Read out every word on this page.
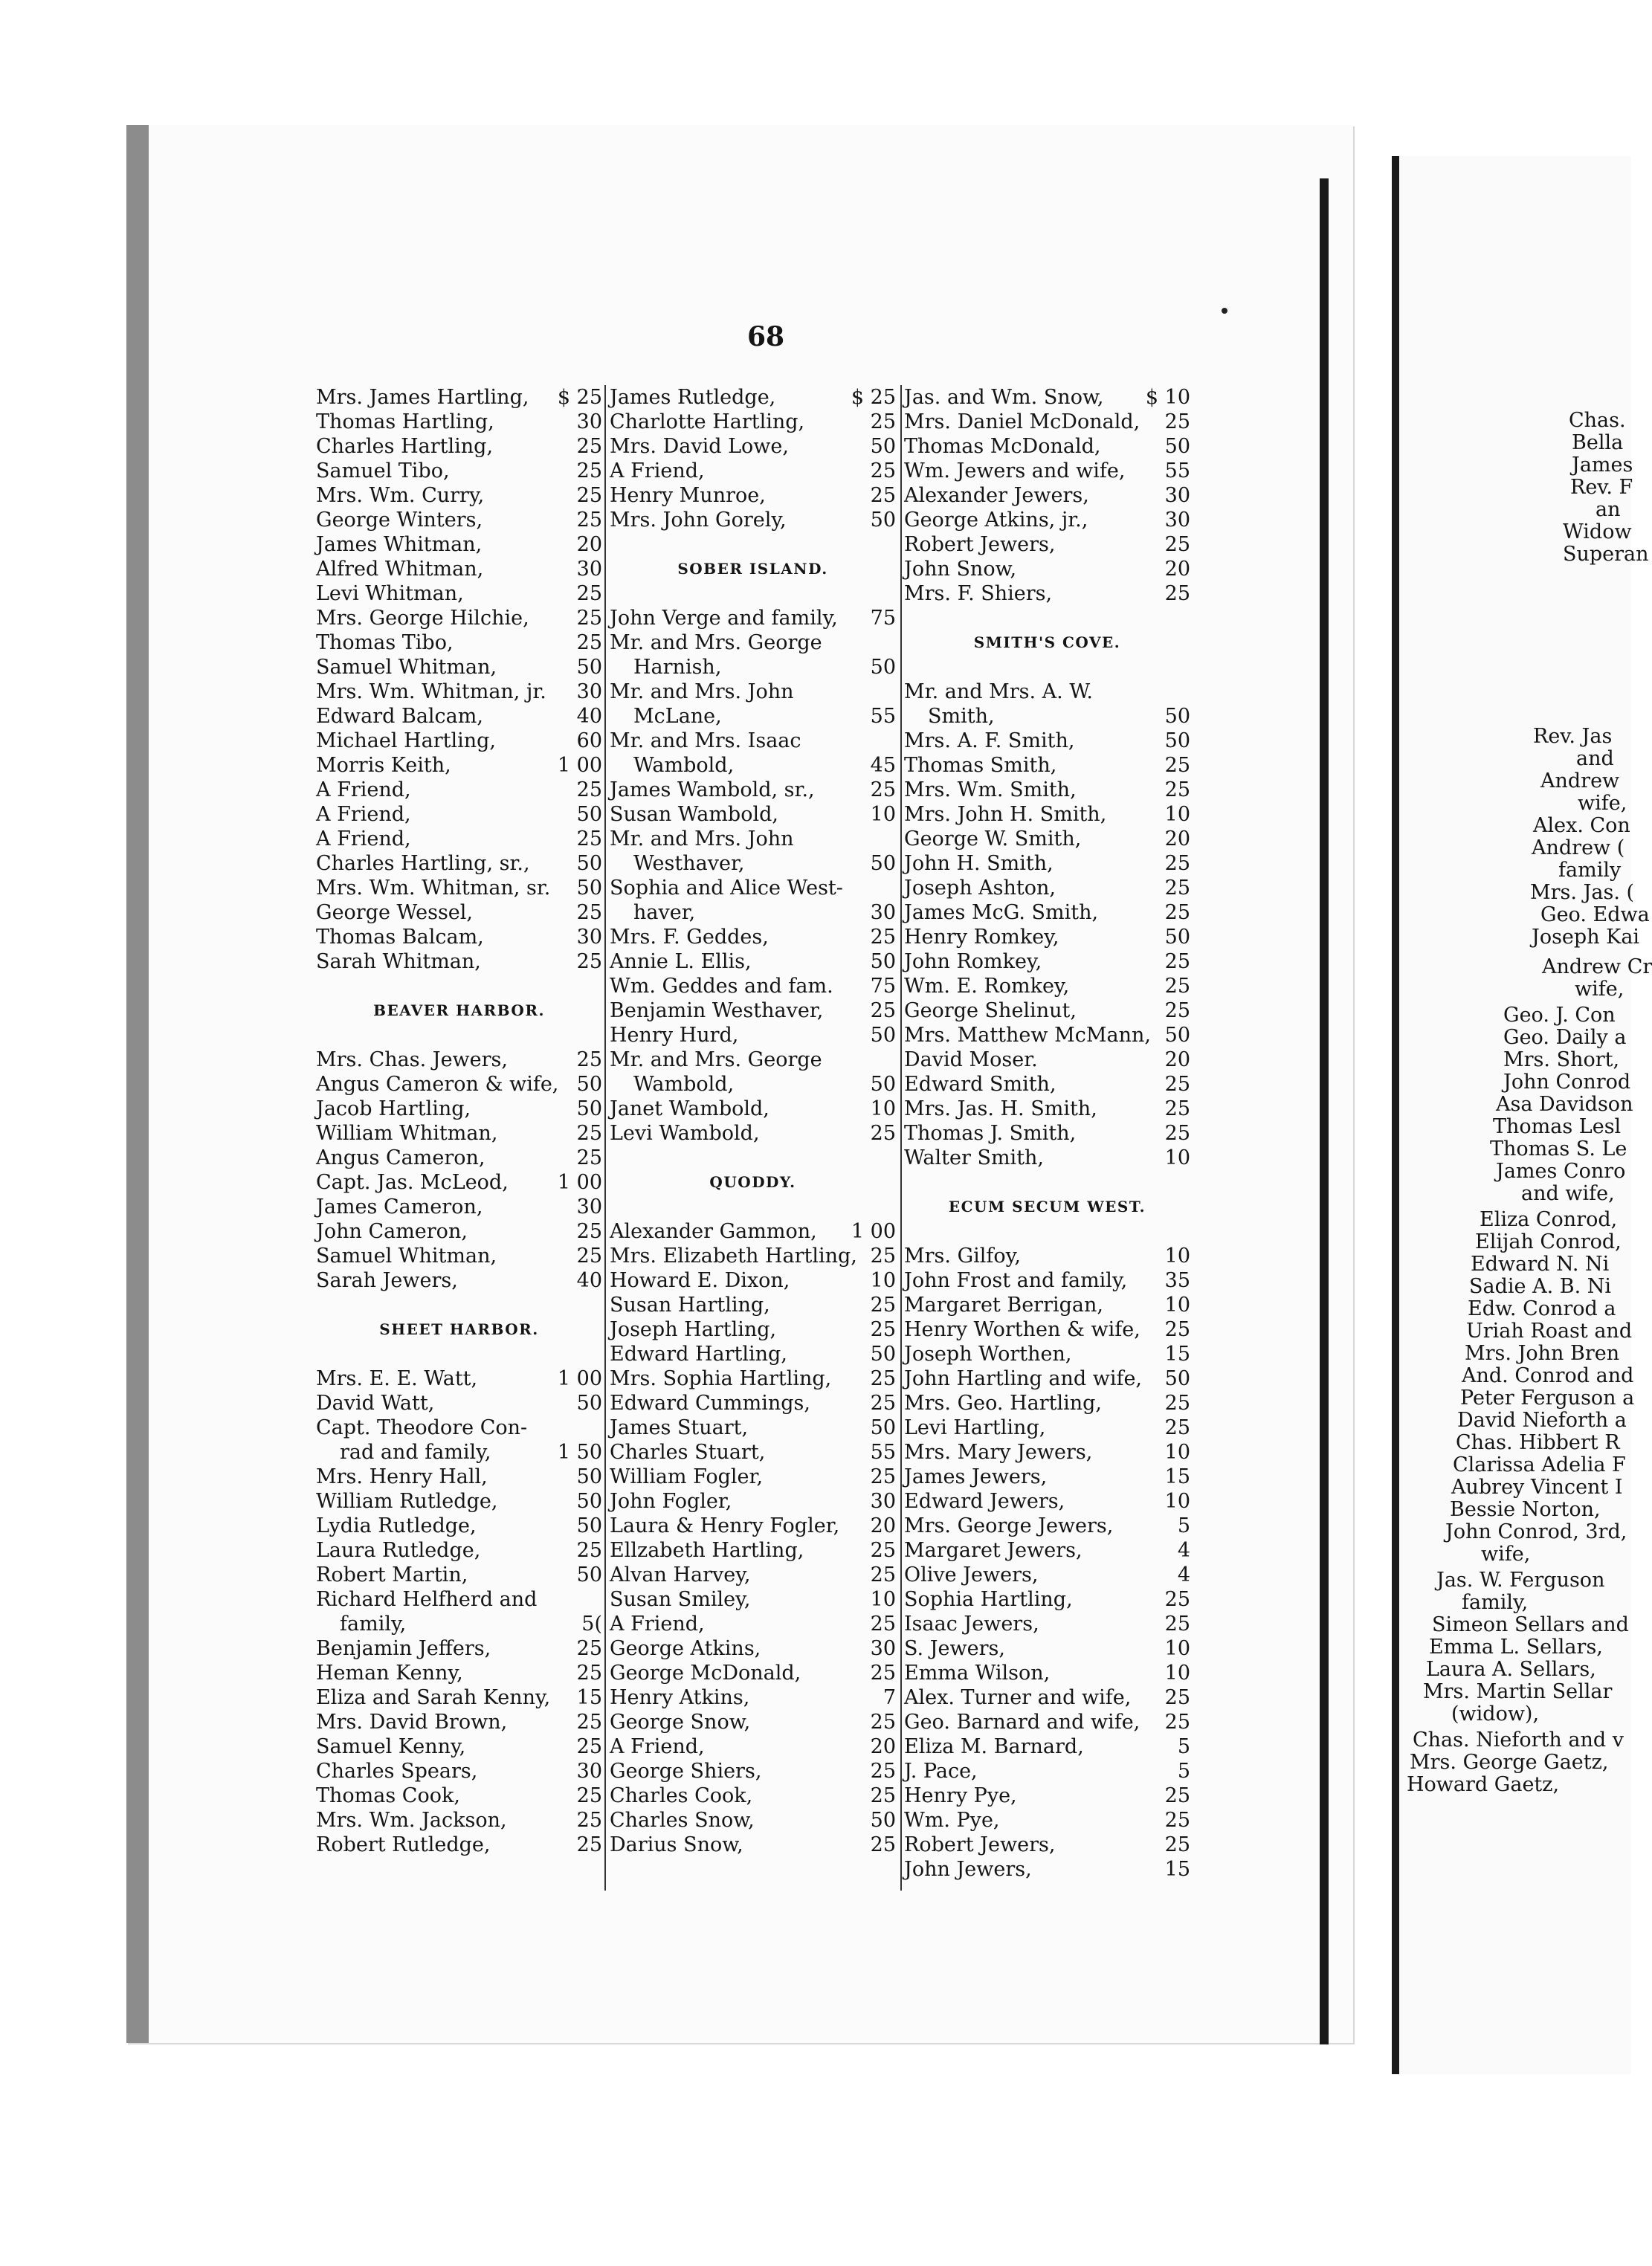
68
Mrs. James Hartling, $ 25
Thomas Hartling,	30
Charles Hartling,	25
Samuel Tibo,	25
Mrs. Wm. Curry,	25
George Winters,	25
James Whitman,	20
Alfred Whitman,	30
Levi Whitman,	25
Mrs. George Hilchie, 25
Thomas Tibo,	25
Samuel Whitman,	50
Mrs. Wm. Whitman, jr. 30
Edward Balcam,	40
Michael Hartling,	60
Morris Keith,	1 00
A Friend,	25
A Friend,	50
A Friend,	25
Charles Hartling, sr., 50
Mrs. Wm. Whitman, sr. 50
George Wessel,	25
Thomas Balcam,	30
Sarah Whitman,	25
BEAVER HARBOR.
Mrs. Chas. Jewers,	25
Angus Cameron & wife, 50
Jacob Hartling,	50
William Whitman,	25
Angus Cameron,	25
Capt. Jas. McLeod, 1 00
James Cameron,	30
John Cameron,	25
Samuel Whitman,	25
Sarah Jewers,	40
SHEET HARBOR.
Mrs. E. E. Watt,	1 00
David Watt,	50
Capt. Theodore Con-
rad and family,	1 50
Mrs. Henry Hall,	50
William Rutledge,	50
Lydia Rutledge,	50
Laura Rutledge,	25
Robert Martin,	50
Richard Helfherd and
family,	5(
Benjamin Jeffers,	25
Heman Kenny,	25
Eliza and Sarah Kenny, 15
Mrs. David Brown,	25
Samuel Kenny,	25
Charles Spears,	30
Thomas Cook,	25
Mrs. Wm. Jackson,	25
Robert Rutledge,	25
James Rutledge,	$ 25
Charlotte Hartling,	25
Mrs. David Lowe,	50
A Friend,	25
Henry Munroe,	25
Mrs. John Gorely,	50
SOBER ISLAND.
John Verge and family, 75
Mr. and Mrs. George
Harnish,	50
Mr. and Mrs. John
McLane,	55
Mr. and Mrs. Isaac
Wambold,	45
James Wambold, sr.,	25
Susan Wambold,	10
Mr. and Mrs. John
Westhaver,	50
Sophia and Alice West-
haver,	30
Mrs. F. Geddes,	25
Annie L. Ellis,	50
Wm. Geddes and fam. 75
Benjamin Westhaver, 25
Henry Hurd,	50
Mr. and Mrs. George
Wambold,	50
Janet Wambold,	10
Levi Wambold,	25
QUODDY.
Alexander Gammon, 1 00
Mrs. Elizabeth Hartling, 25
Howard E. Dixon,	10
Susan Hartling,	25
Joseph Hartling,	25
Edward Hartling,	50
Mrs. Sophia Hartling, 25
Edward Cummings,	25
James Stuart,	50
Charles Stuart,	55
William Fogler,	25
John Fogler,	30
Laura & Henry Fogler, 20
Ellzabeth Hartling,	25
Alvan Harvey,	25
Susan Smiley,	10
A Friend,	25
George Atkins,	30
George McDonald,	25
Henry Atkins,	7
George Snow,	25
A Friend,	20
George Shiers,	25
Charles Cook,	25
Charles Snow,	50
Darius Snow,	25
Jas. and Wm. Snow, $ 10
Mrs. Daniel McDonald, 25
Thomas McDonald,	50
Wm. Jewers and wife, 55
Alexander Jewers,	30
George Atkins, jr.,	30
Robert Jewers,	25
John Snow,	20
Mrs. F. Shiers,	25
SMITH'S COVE.
Mr. and Mrs. A. W.
Smith,	50
Mrs. A. F. Smith,	50
Thomas Smith,	25
Mrs. Wm. Smith,	25
Mrs. John H. Smith,	10
George W. Smith,	20
John H. Smith,	25
Joseph Ashton,	25
James McG. Smith,	25
Henry Romkey,	50
John Romkey,	25
Wm. E. Romkey,	25
George Shelinut,	25
Mrs. Matthew McMann, 50
David Moser.	20
Edward Smith,	25
Mrs. Jas. H. Smith,	25
Thomas J. Smith,	25
Walter Smith,	10
ECUM SECUM WEST.
Mrs. Gilfoy,	10
John Frost and family, 35
Margaret Berrigan,	10
Henry Worthen & wife, 25
Joseph Worthen,	15
John Hartling and wife, 50
Mrs. Geo. Hartling,	25
Levi Hartling,	25
Mrs. Mary Jewers,	10
James Jewers,	15
Edward Jewers,	10
Mrs. George Jewers,	5
Margaret Jewers,	4
Olive Jewers,	4
Sophia Hartling,	25
Isaac Jewers,	25
S. Jewers,	10
Emma Wilson,	10
Alex. Turner and wife, 25
Geo. Barnard and wife, 25
Eliza M. Barnard,	5
J. Pace,	5
Henry Pye,	25
Wm. Pye,	25
Robert Jewers,	25
John Jewers,	15
Chas.
Bella
James
Rev. F
an
Widow
Superan
Rev. Jas
and
Andrew
wife,
Alex. Con
Andrew (
family
Mrs. Jas. (
Geo. Edwa
Joseph Kai
Andrew Cr
wife,
Geo. J. Con
Geo. Daily a
Mrs. Short,
John Conrod
Asa Davidson
Thomas Lesl
Thomas S. Le
James Conro
and wife,
Eliza Conrod,
Elijah Conrod,
Edward N. Ni
Sadie A. B. Ni
Edw. Conrod a
Uriah Roast and
Mrs. John Bren
And. Conrod and
Peter Ferguson a
David Nieforth a
Chas. Hibbert R
Clarissa Adelia F
Aubrey Vincent I
Bessie Norton,
John Conrod, 3rd,
wife,
Jas. W. Ferguson
family,
Simeon Sellars and
Emma L. Sellars,
Laura A. Sellars,
Mrs. Martin Sellar
(widow),
Chas. Nieforth and v
Mrs. George Gaetz,
Howard Gaetz,
